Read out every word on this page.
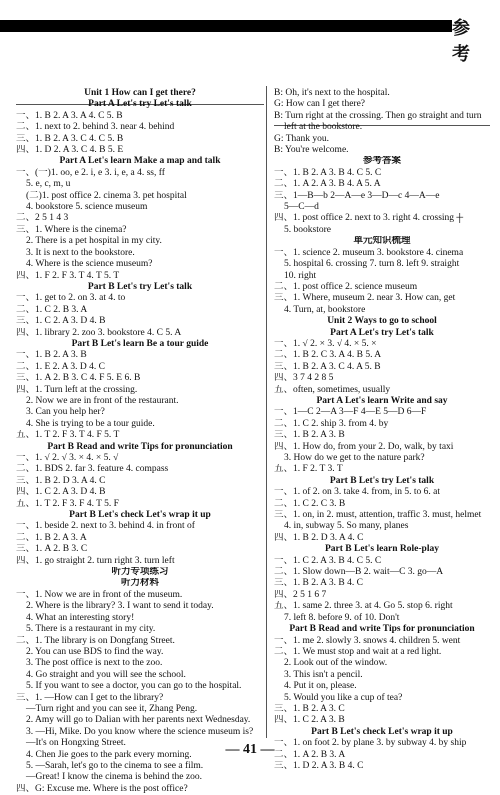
参 考
Unit 1 How can I get there?
Part A Let's try Let's talk
一、1. B 2. A 3. A 4. C 5. B
二、1. next to 2. behind 3. near 4. behind
三、1. B 2. A 3. C 4. C 5. B
四、1. D 2. A 3. C 4. B 5. E
Part A Let's learn Make a map and talk
一、(一)1. oo, e 2. i, e 3. i, e, a 4. ss, ff
5. e, c, m, u
(二)1. post office 2. cinema 3. pet hospital
4. bookstore 5. science museum
二、2 5 1 4 3
三、1. Where is the cinema?
2. There is a pet hospital in my city.
3. It is next to the bookstore.
4. Where is the science museum?
四、1. F 2. F 3. T 4. T 5. T
Part B Let's try Let's talk
一、1. get to 2. on 3. at 4. to
二、1. C 2. B 3. A
三、1. C 2. A 3. D 4. B
四、1. library 2. zoo 3. bookstore 4. C 5. A
Part B Let's learn Be a tour guide
一、1. B 2. A 3. B
二、1. E 2. A 3. D 4. C
三、1. A 2. B 3. C 4. F 5. E 6. B
四、1. Turn left at the crossing.
2. Now we are in front of the restaurant.
3. Can you help her?
4. She is trying to be a tour guide.
五、1. T 2. F 3. T 4. F 5. T
Part B Read and write Tips for pronunciation
一、1. √ 2. √ 3. × 4. × 5. √
二、1. BDS 2. far 3. feature 4. compass
三、1. B 2. D 3. A 4. C
四、1. C 2. A 3. D 4. B
五、1. T 2. F 3. F 4. T 5. F
Part B Let's check Let's wrap it up
一、1. beside 2. next to 3. behind 4. in front of
二、1. B 2. A 3. A
三、1. A 2. B 3. C
四、1. go straight 2. turn right 3. turn left
听力专项练习
听力材料
一、1. Now we are in front of the museum.
2. Where is the library? 3. I want to send it today.
4. What an interesting story!
5. There is a restaurant in my city.
二、1. The library is on Dongfang Street.
2. You can use BDS to find the way.
3. The post office is next to the zoo.
4. Go straight and you will see the school.
5. If you want to see a doctor, you can go to the hospital.
三、1. —How can I get to the library?
—Turn right and you can see it, Zhang Peng.
2. Amy will go to Dalian with her parents next Wednesday.
3. —Hi, Mike. Do you know where the science museum is?
—It's on Hongxing Street.
4. Chen Jie goes to the park every morning.
5. —Sarah, let's go to the cinema to see a film.
—Great! I know the cinema is behind the zoo.
四、G: Excuse me. Where is the post office?
B: Oh, it's next to the hospital.
G: How can I get there?
B: Turn right at the crossing. Then go straight and turn
left at the bookstore.
G: Thank you.
B: You're welcome.
参考答案
一、1. B 2. A 3. B 4. C 5. C
二、1. A 2. A 3. B 4. A 5. A
三、1—B—b 2—A—e 3—D—c 4—A—e
5—C—d
四、1. post office 2. next to 3. right 4. crossing ┼
5. bookstore
单元知识梳理
一、1. science 2. museum 3. bookstore 4. cinema
5. hospital 6. crossing 7. turn 8. left 9. straight
10. right
二、1. post office 2. science museum
三、1. Where, museum 2. near 3. How can, get
4. Turn, at, bookstore
Unit 2 Ways to go to school
Part A Let's try Let's talk
一、1. √ 2. × 3. √ 4. × 5. ×
二、1. B 2. C 3. A 4. B 5. A
三、1. B 2. A 3. C 4. A 5. B
四、3 7 4 2 8 5
五、often, sometimes, usually
Part A Let's learn Write and say
一、1—C 2—A 3—F 4—E 5—D 6—F
二、1. C 2. ship 3. from 4. by
三、1. B 2. A 3. B
四、1. How do, from your 2. Do, walk, by taxi
3. How do we get to the nature park?
五、1. F 2. T 3. T
Part B Let's try Let's talk
一、1. of 2. on 3. take 4. from, in 5. to 6. at
二、1. C 2. C 3. B
三、1. on, in 2. must, attention, traffic 3. must, helmet
4. in, subway 5. So many, planes
四、1. B 2. D 3. A 4. C
Part B Let's learn Role-play
一、1. C 2. A 3. B 4. C 5. C
二、1. Slow down—B 2. wait—C 3. go—A
三、1. B 2. A 3. B 4. C
四、2 5 1 6 7
五、1. same 2. three 3. at 4. Go 5. stop 6. right
7. left 8. before 9. of 10. Don't
Part B Read and write Tips for pronunciation
一、1. me 2. slowly 3. snows 4. children 5. went
二、1. We must stop and wait at a red light.
2. Look out of the window.
3. This isn't a pencil.
4. Put it on, please.
5. Would you like a cup of tea?
三、1. B 2. A 3. C
四、1. C 2. A 3. B
Part B Let's check Let's wrap it up
一、1. on foot 2. by plane 3. by subway 4. by ship
二、1. A 2. B 3. A
三、1. D 2. A 3. B 4. C
— 41 —
